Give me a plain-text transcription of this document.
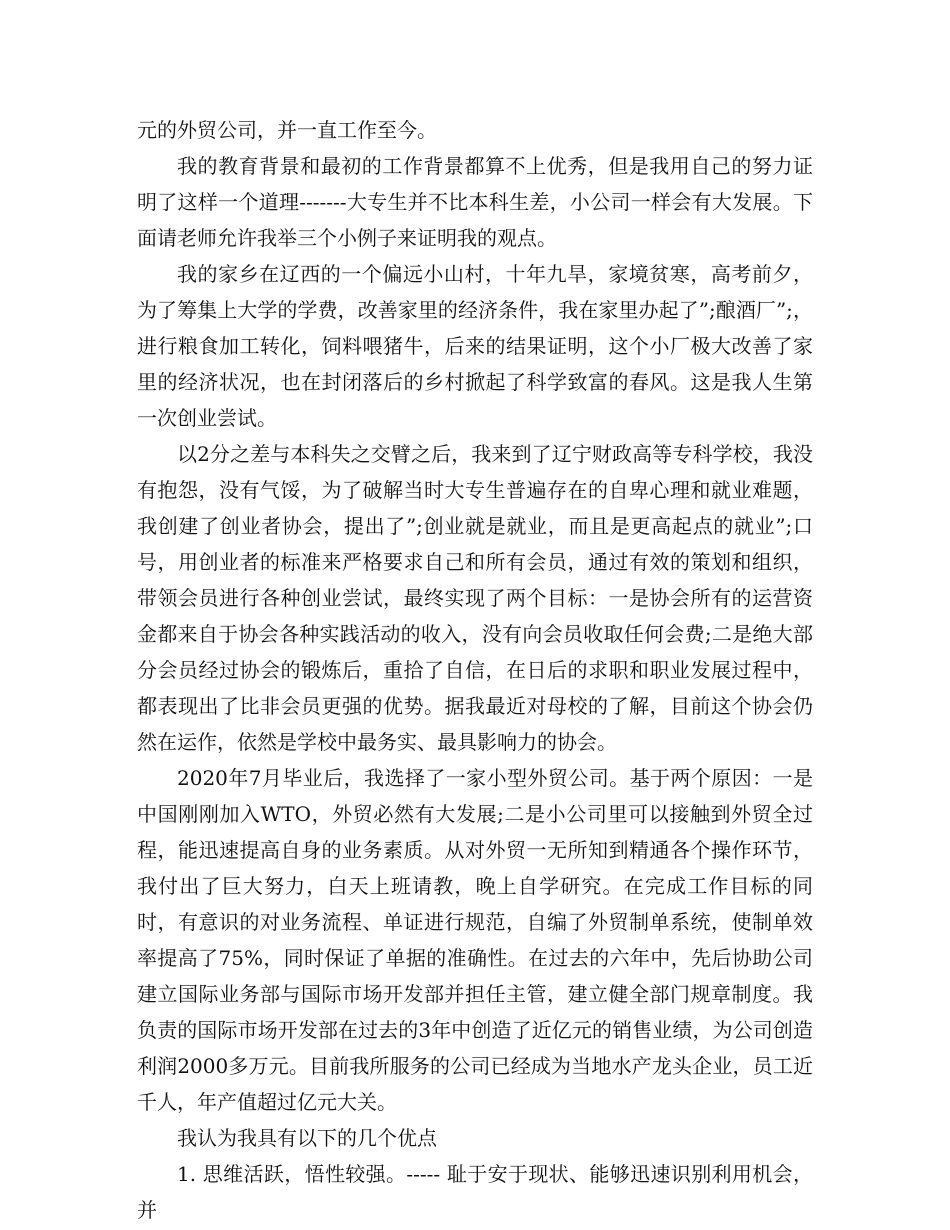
元的外贸公司，并一直工作至今。

我的教育背景和最初的工作背景都算不上优秀，但是我用自己的努力证明了这样一个道理-------大专生并不比本科生差，小公司一样会有大发展。下面请老师允许我举三个小例子来证明我的观点。

我的家乡在辽西的一个偏远小山村，十年九旱，家境贫寒，高考前夕，为了筹集上大学的学费，改善家里的经济条件，我在家里办起了”;酿酒厂”;，进行粮食加工转化，饲料喂猪牛，后来的结果证明，这个小厂极大改善了家里的经济状况，也在封闭落后的乡村掀起了科学致富的春风。这是我人生第一次创业尝试。

以2分之差与本科失之交臂之后，我来到了辽宁财政高等专科学校，我没有抱怨，没有气馁，为了破解当时大专生普遍存在的自卑心理和就业难题，我创建了创业者协会，提出了”;创业就是就业，而且是更高起点的就业”;口号，用创业者的标准来严格要求自己和所有会员，通过有效的策划和组织，带领会员进行各种创业尝试，最终实现了两个目标：一是协会所有的运营资金都来自于协会各种实践活动的收入，没有向会员收取任何会费;二是绝大部分会员经过协会的锻炼后，重拾了自信，在日后的求职和职业发展过程中，都表现出了比非会员更强的优势。据我最近对母校的了解，目前这个协会仍然在运作，依然是学校中最务实、最具影响力的协会。

2020年7月毕业后，我选择了一家小型外贸公司。基于两个原因：一是中国刚刚加入WTO，外贸必然有大发展;二是小公司里可以接触到外贸全过程，能迅速提高自身的业务素质。从对外贸一无所知到精通各个操作环节，我付出了巨大努力，白天上班请教，晚上自学研究。在完成工作目标的同时，有意识的对业务流程、单证进行规范，自编了外贸制单系统，使制单效率提高了75%，同时保证了单据的准确性。在过去的六年中，先后协助公司建立国际业务部与国际市场开发部并担任主管，建立健全部门规章制度。我负责的国际市场开发部在过去的3年中创造了近亿元的销售业绩，为公司创造利润2000多万元。目前我所服务的公司已经成为当地水产龙头企业，员工近千人，年产值超过亿元大关。

我认为我具有以下的几个优点

1. 思维活跃，悟性较强。----- 耻于安于现状、能够迅速识别利用机会，并
